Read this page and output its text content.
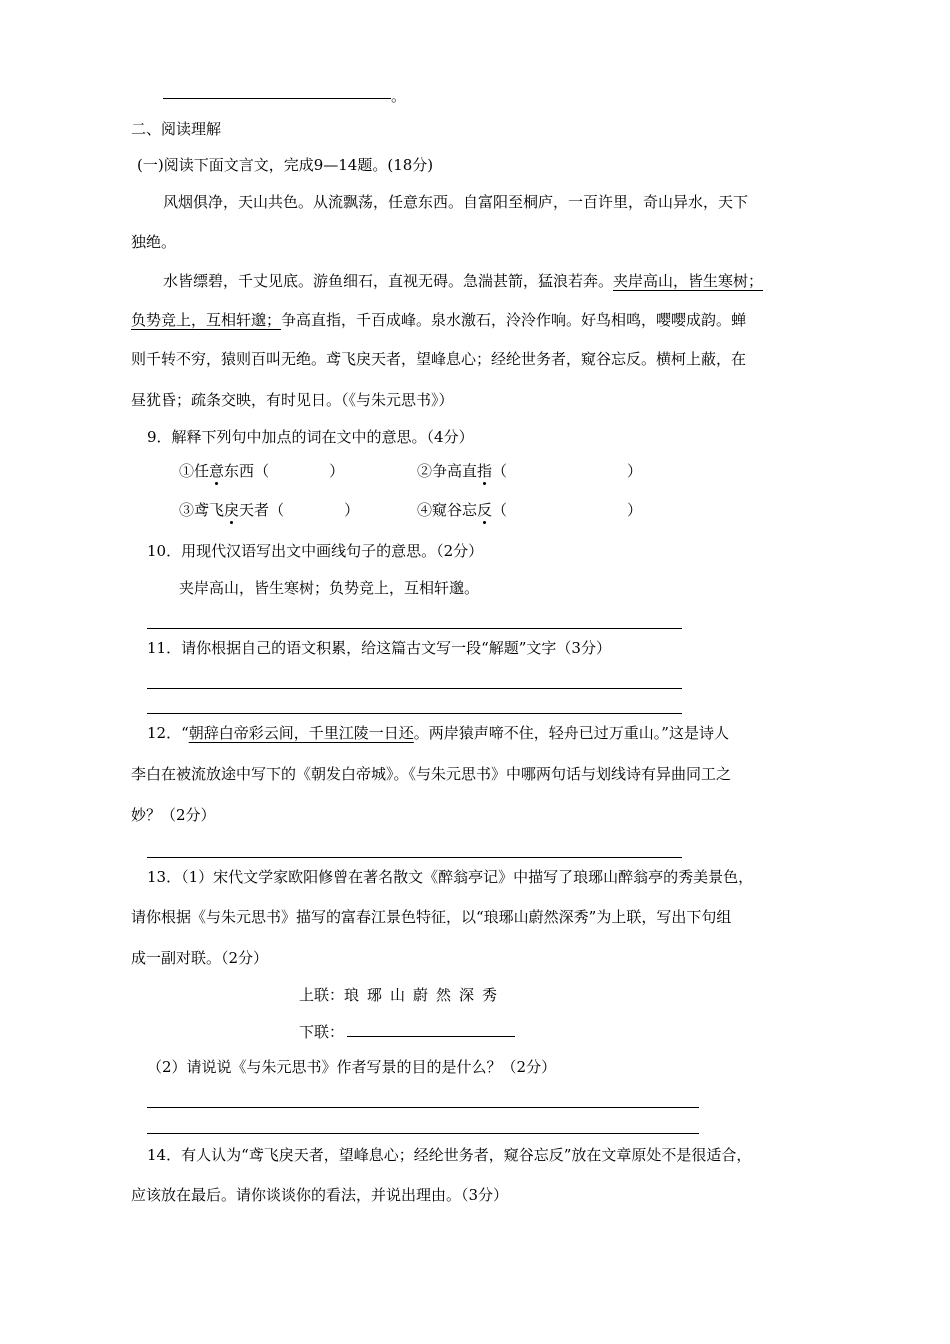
。
二、阅读理解
(一)阅读下面文言文，完成9—14题。(18分)
风烟俱净，天山共色。从流飘荡，任意东西。自富阳至桐庐，一百许里，奇山异水，天下
独绝。
水皆缥碧，千丈见底。游鱼细石，直视无碍。急湍甚箭，猛浪若奔。夹岸高山，皆生寒树；
负势竞上，互相轩邈；争高直指，千百成峰。泉水激石，泠泠作响。好鸟相鸣，嘤嘤成韵。蝉
则千转不穷，猿则百叫无绝。鸢飞戾天者，望峰息心；经纶世务者，窥谷忘反。横柯上蔽，在
昼犹昏；疏条交映，有时见日。（《与朱元思书》）
9．解释下列句中加点的词在文中的意思。（4分）
①任意东西（　　　　）	②争高直指（　　　　　　　　）
③鸢飞戾天者（　　　　）	④窥谷忘反（　　　　　　　　）
10．用现代汉语写出文中画线句子的意思。（2分）
夹岸高山，皆生寒树；负势竞上，互相轩邈。
11．请你根据自己的语文积累，给这篇古文写一段“解题”文字（3分）
12．“朝辞白帝彩云间，千里江陵一日还。两岸猿声啼不住，轻舟已过万重山。”这是诗人
李白在被流放途中写下的《朝发白帝城》。《与朱元思书》中哪两句话与划线诗有异曲同工之
妙？（2分）
13．（1）宋代文学家欧阳修曾在著名散文《醉翁亭记》中描写了琅琊山醉翁亭的秀美景色，
请你根据《与朱元思书》描写的富春江景色特征，以“琅琊山蔚然深秀”为上联，写出下句组
成一副对联。（2分）
上联：琅琊山蔚然深秀
下联：
（2）请说说《与朱元思书》作者写景的目的是什么？（2分）
14．有人认为“鸢飞戾天者，望峰息心；经纶世务者，窥谷忘反”放在文章原处不是很适合，
应该放在最后。请你谈谈你的看法，并说出理由。（3分）
